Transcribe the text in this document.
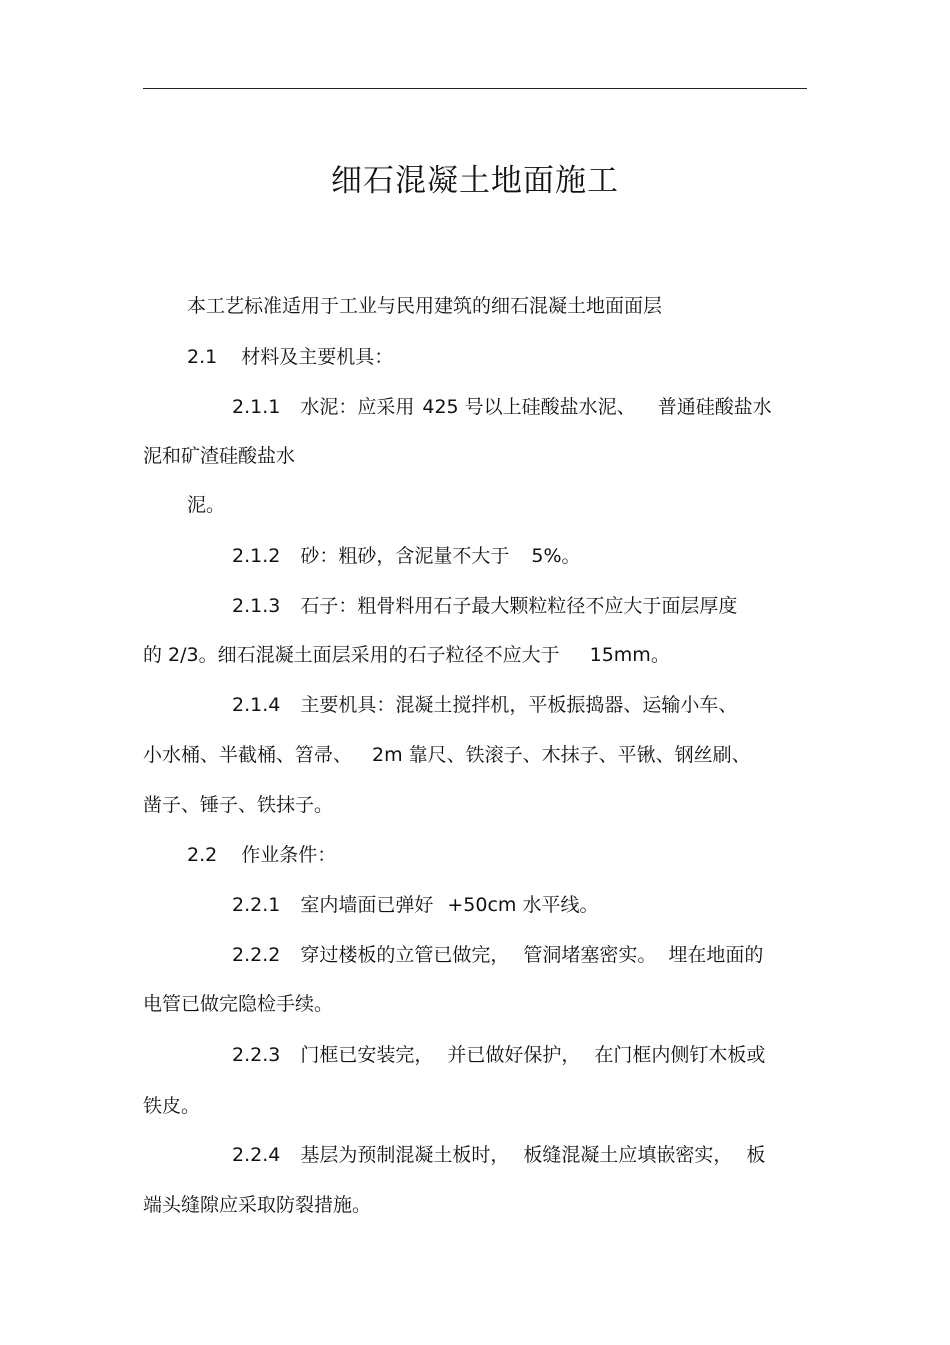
细石混凝土地面施工
本工艺标准适用于工业与民用建筑的细石混凝土地面面层
2.1 材料及主要机具：
2.1.1 水泥：应采用 425 号以上硅酸盐水泥、 普通硅酸盐水
泥和矿渣硅酸盐水
泥。
2.1.2 砂：粗砂，含泥量不大于 5%。
2.1.3 石子：粗骨料用石子最大颗粒粒径不应大于面层厚度
的 2/3。细石混凝土面层采用的石子粒径不应大于 15mm。
2.1.4 主要机具：混凝土搅拌机，平板振捣器、运输小车、
小水桶、半截桶、笤帚、 2m 靠尺、铁滚子、木抹子、平锹、钢丝刷、
凿子、锤子、铁抹子。
2.2 作业条件：
2.2.1 室内墙面已弹好 +50cm 水平线。
2.2.2 穿过楼板的立管已做完， 管洞堵塞密实。 埋在地面的
电管已做完隐检手续。
2.2.3 门框已安装完， 并已做好保护， 在门框内侧钉木板或
铁皮。
2.2.4 基层为预制混凝土板时， 板缝混凝土应填嵌密实， 板
端头缝隙应采取防裂措施。
